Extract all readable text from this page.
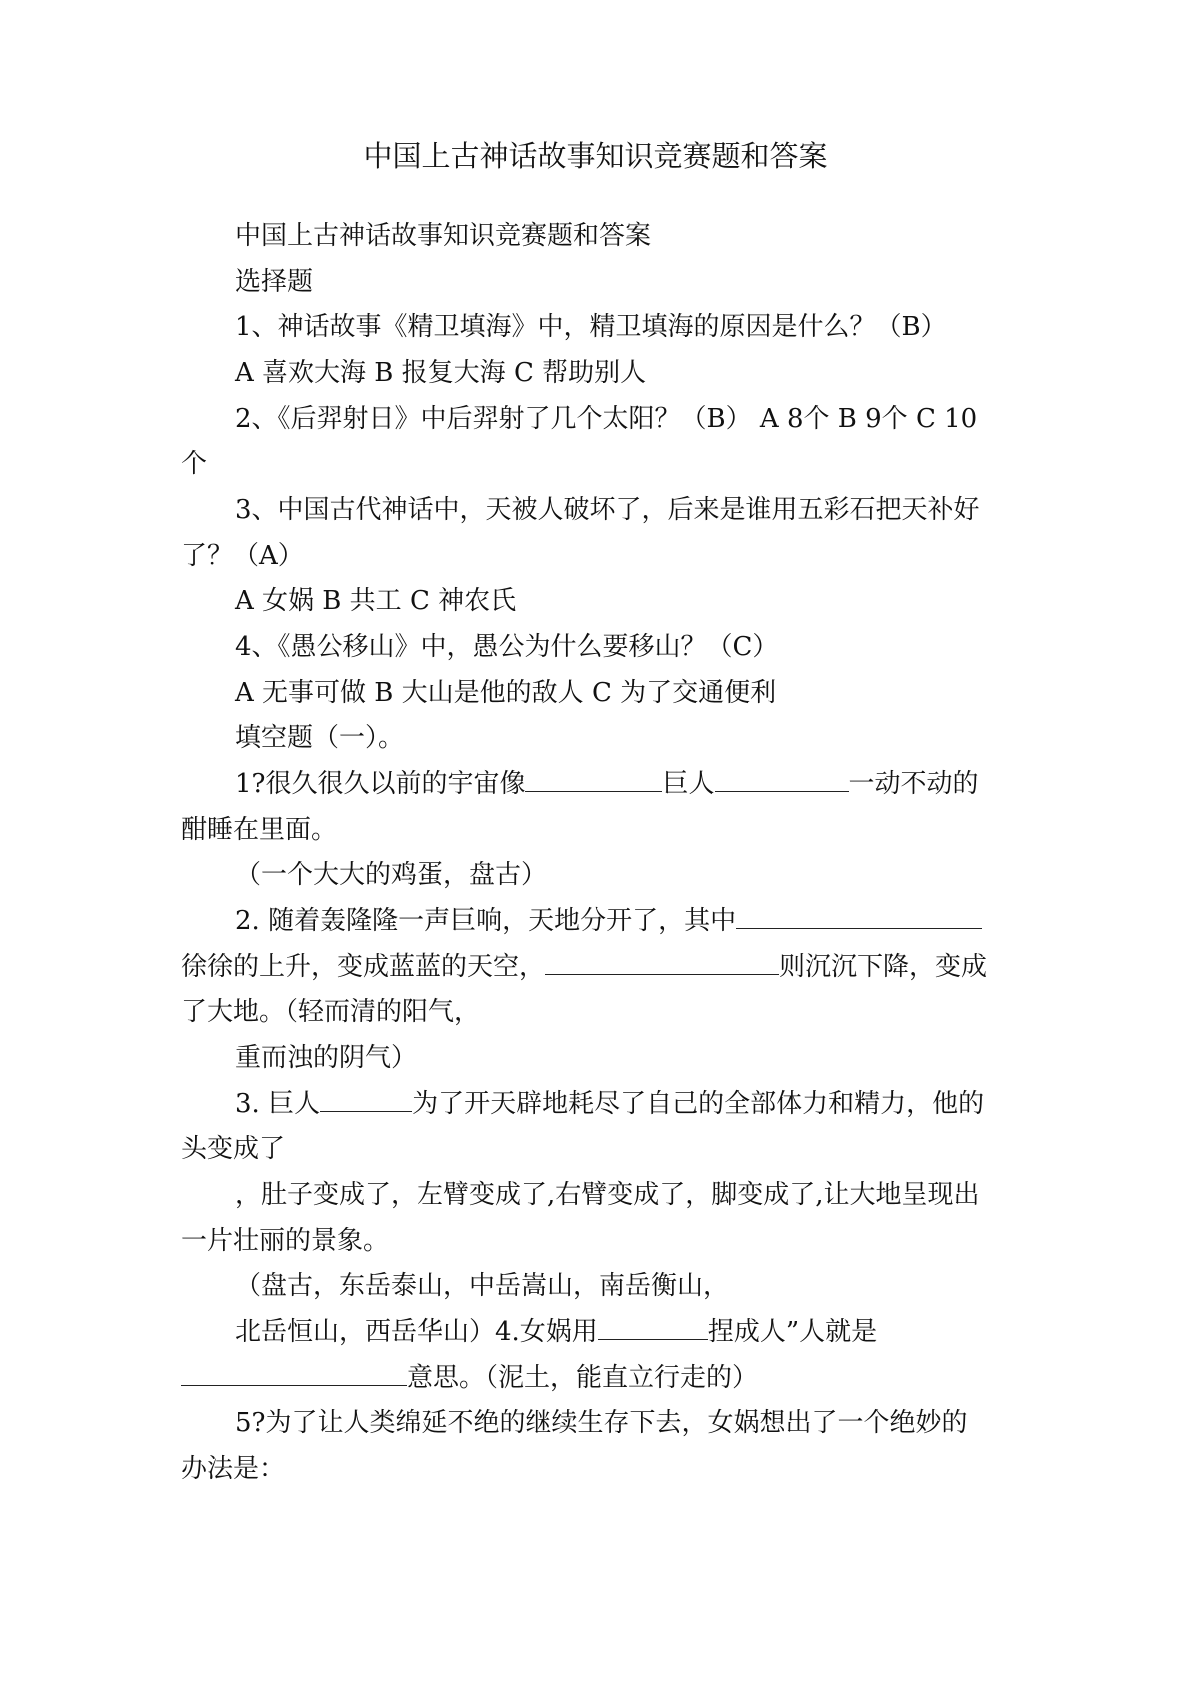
中国上古神话故事知识竞赛题和答案
中国上古神话故事知识竞赛题和答案
选择题
1、神话故事《精卫填海》中，精卫填海的原因是什么？（B）
A 喜欢大海 B 报复大海 C 帮助别人
2、《后羿射日》中后羿射了几个太阳？（B） A 8个 B 9个 C 10
个
3、中国古代神话中，天被人破坏了，后来是谁用五彩石把天补好
了？（A）
A 女娲 B 共工 C 神农氏
4、《愚公移山》中，愚公为什么要移山？（C）
A 无事可做 B 大山是他的敌人 C 为了交通便利
填空题（一）。
1?很久很久以前的宇宙像	巨人	一动不动的
酣睡在里面。
（一个大大的鸡蛋，盘古）
2. 随着轰隆隆一声巨响，天地分开了，其中
徐徐的上升，变成蓝蓝的天空，	则沉沉下降，变成
了大地。（轻而清的阳气，
重而浊的阴气）
3. 巨人	为了开天辟地耗尽了自己的全部体力和精力，他的
头变成了
，肚子变成了，左臂变成了,右臂变成了，脚变成了,让大地呈现出
一片壮丽的景象。
（盘古，东岳泰山，中岳嵩山，南岳衡山，
北岳恒山，西岳华山）4.女娲用	捏成人”人就是
意思。（泥土，能直立行走的）
5?为了让人类绵延不绝的继续生存下去，女娲想出了一个绝妙的
办法是：
